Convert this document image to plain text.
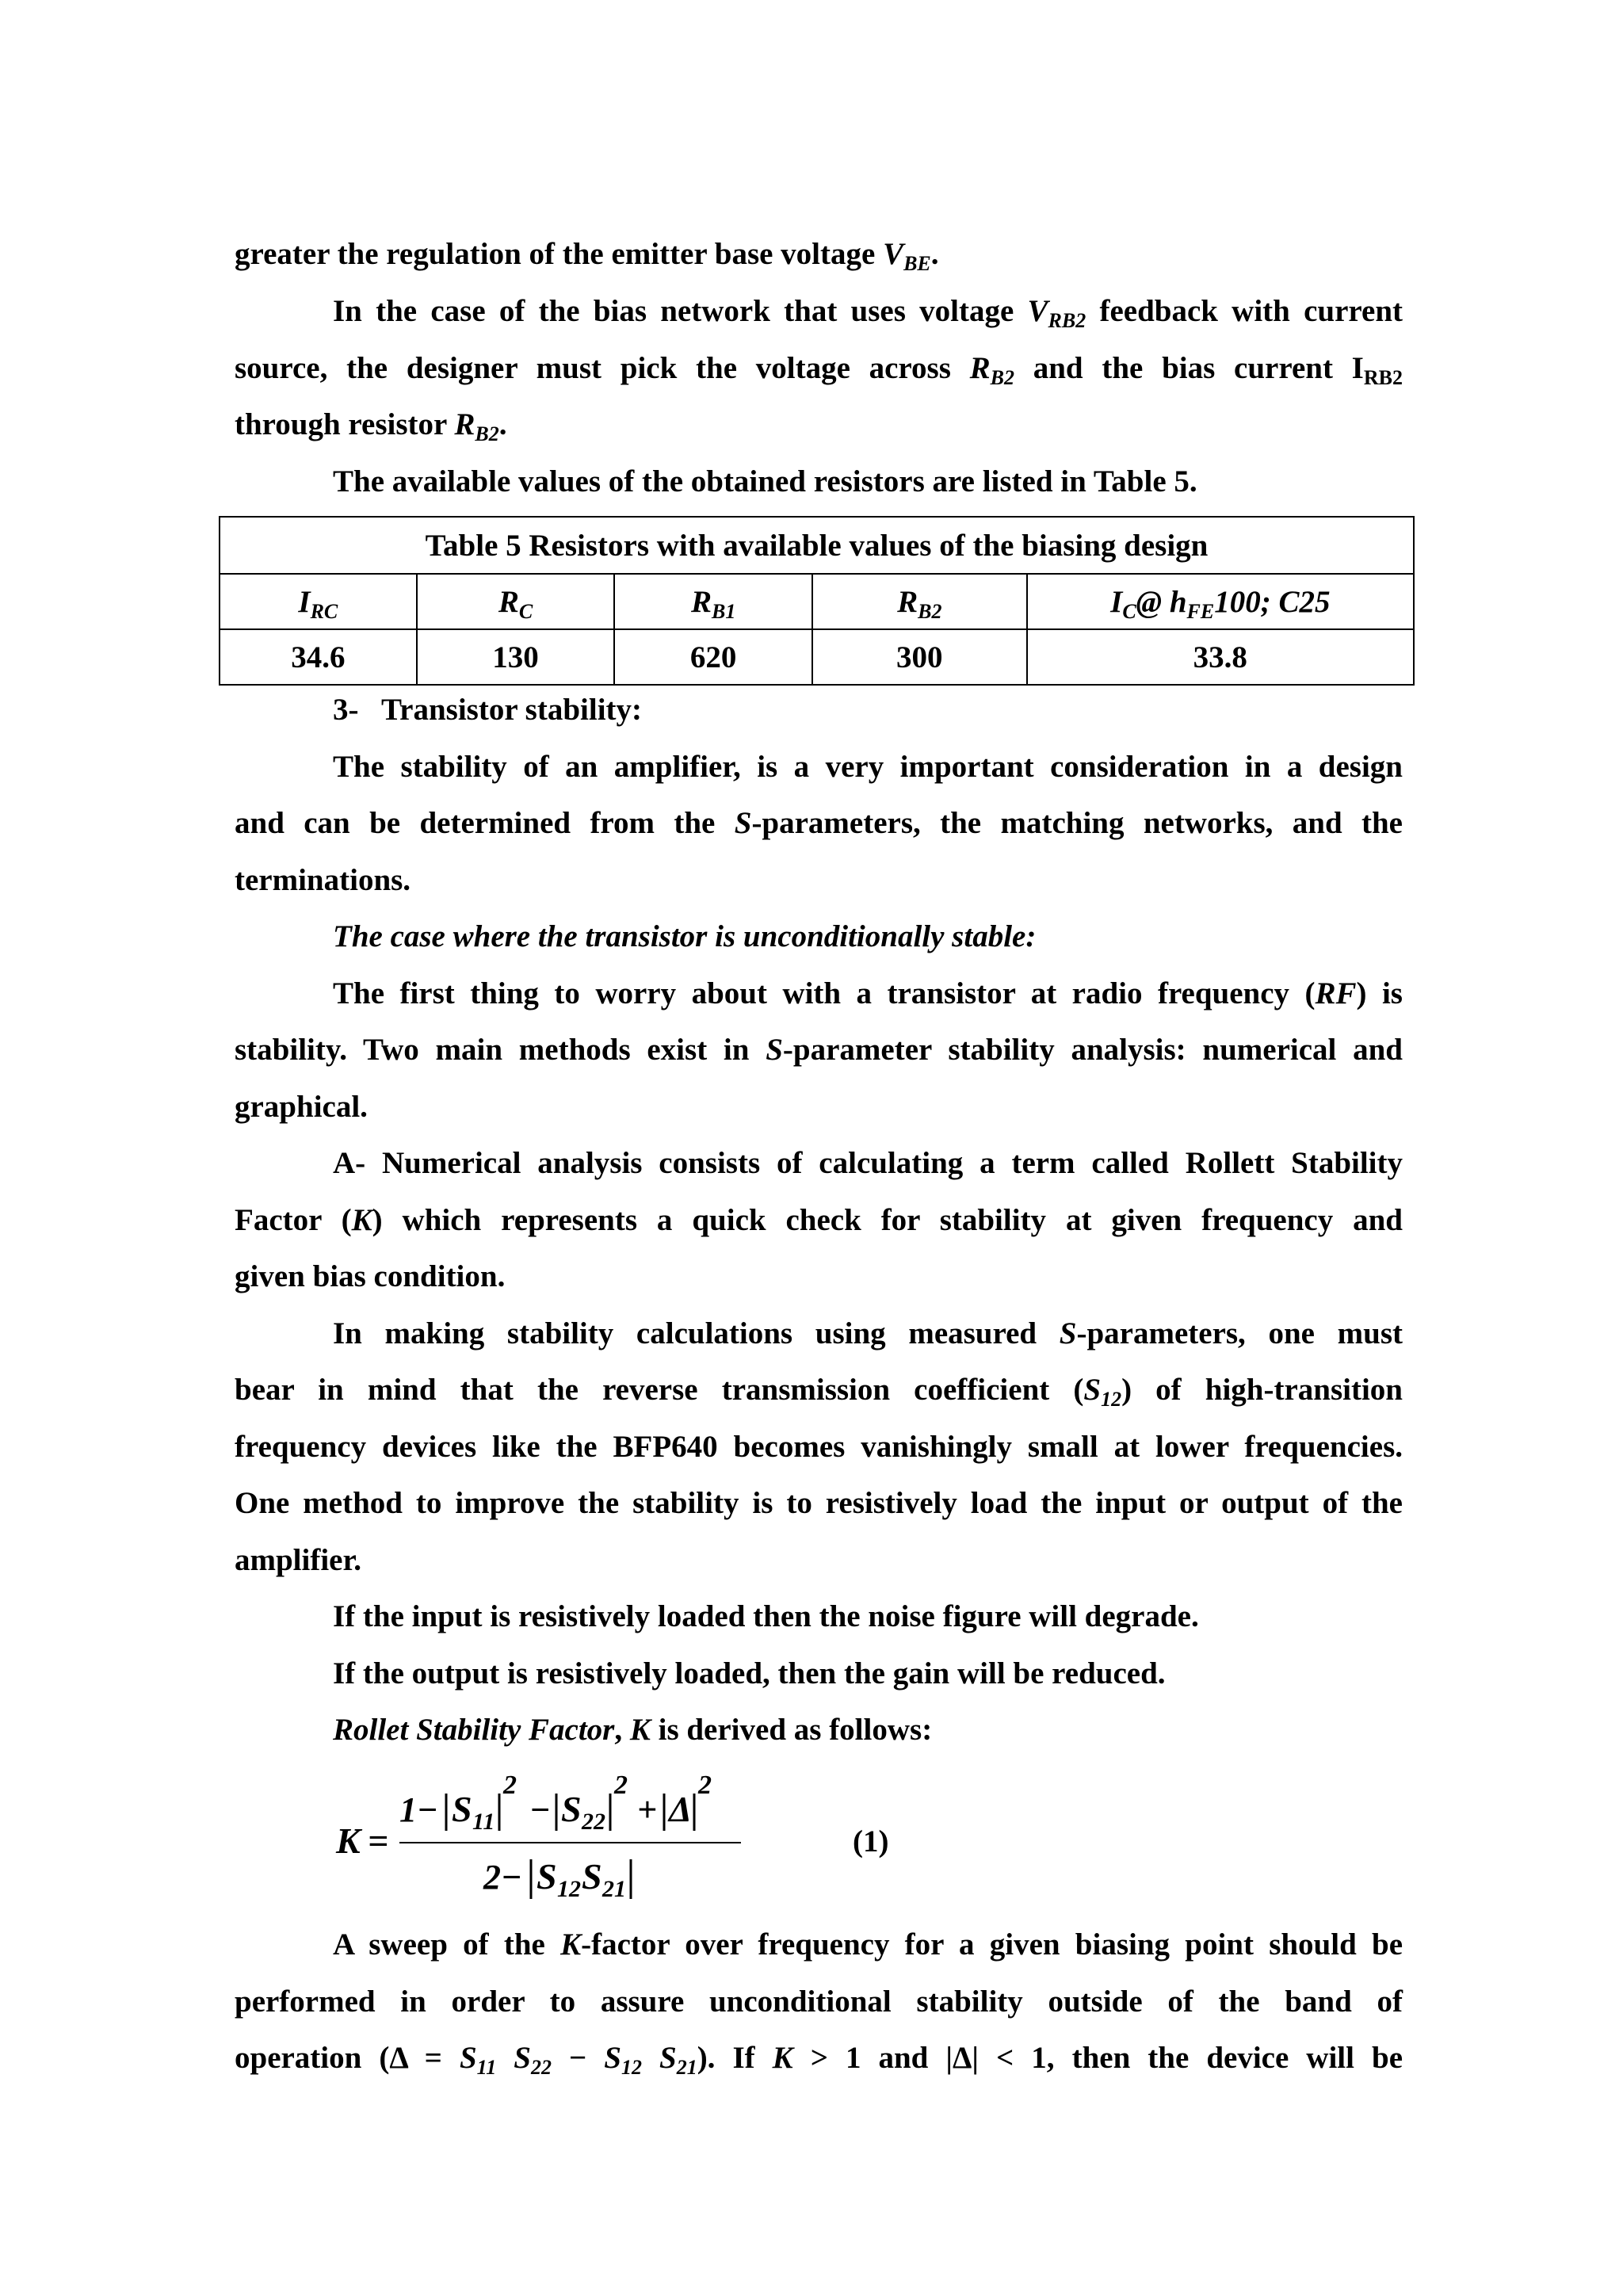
greater the regulation of the emitter base voltage $V_{BE}$.
In the case of the bias network that uses voltage $V_{RB2}$ feedback with current
source, the designer must pick the voltage across $R_{B2}$ and the bias current $I_{RB2}$
through resistor $R_{B2}$.
The available values of the obtained resistors are listed in Table 5.
Table 5 Resistors with available values of the biasing design				
$I_{RC}$	$R_C$	$R_{B1}$	$R_{B2}$	$I_C@$ $h_{FE}100$; C25
34.6	130	620	300	33.8
3-   Transistor stability:
The stability of an amplifier, is a very important consideration in a design
and can be determined from the S-parameters, the matching networks, and the
terminations.
The case where the transistor is unconditionally stable:
The first thing to worry about with a transistor at radio frequency (RF) is
stability. Two main methods exist in S-parameter stability analysis: numerical and
graphical.
A- Numerical analysis consists of calculating a term called Rollett Stability
Factor (K) which represents a quick check for stability at given frequency and
given bias condition.
In making stability calculations using measured S-parameters, one must
bear in mind that the reverse transmission coefficient $(S_{12})$ of high-transition
frequency devices like the BFP640 becomes vanishingly small at lower frequencies.
One method to improve the stability is to resistively load the input or output of the
amplifier.
If the input is resistively loaded then the noise figure will degrade.
If the output is resistively loaded, then the gain will be reduced.
Rollet Stability Factor, K is derived as follows:
K =
1− S 11
2
− S 22
2
+ Δ
2
2− S 12 S 21
(1)
A sweep of the K-factor over frequency for a given biasing point should be
performed in order to assure unconditional stability outside of the band of
operation ($\Delta = S_{11}$ $S_{22} - S_{12}$ $S_{21}$). If K > 1 and |Δ| < 1, then the device will be
